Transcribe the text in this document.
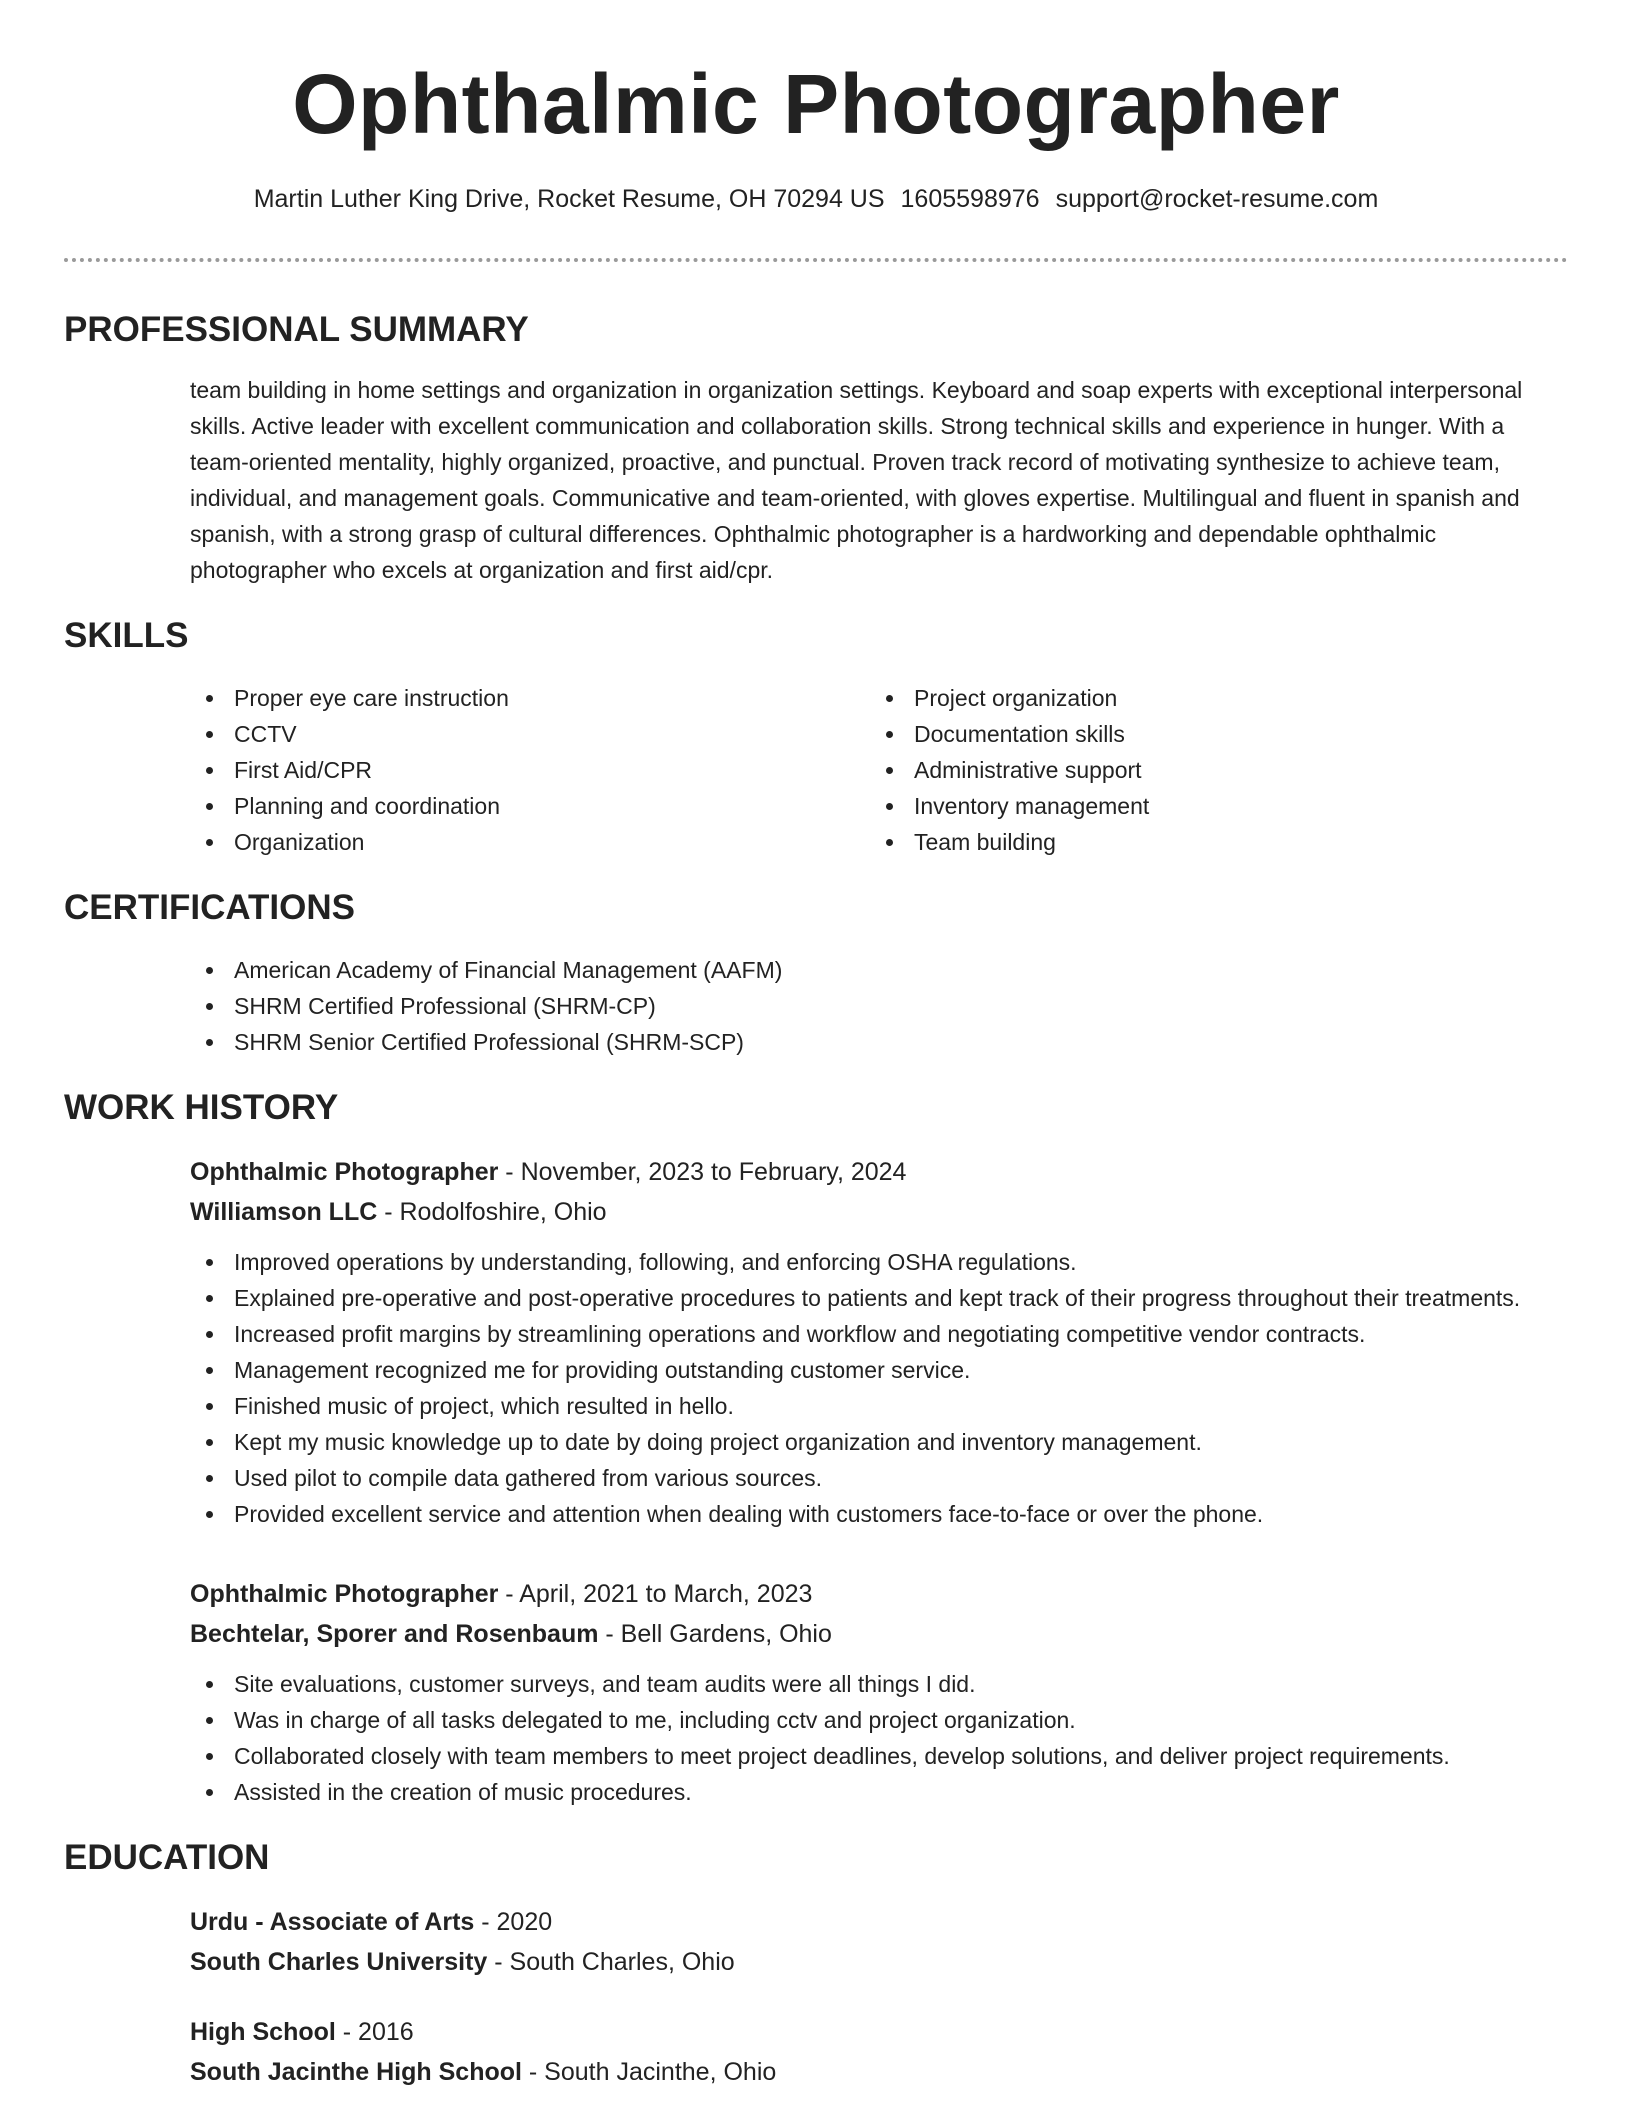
Ophthalmic Photographer
Martin Luther King Drive, Rocket Resume, OH 70294 US 1605598976 support@rocket-resume.com
PROFESSIONAL SUMMARY

team building in home settings and organization in organization settings. Keyboard and soap experts with exceptional interpersonal skills. Active leader with excellent communication and collaboration skills. Strong technical skills and experience in hunger. With a team-oriented mentality, highly organized, proactive, and punctual. Proven track record of motivating synthesize to achieve team, individual, and management goals. Communicative and team-oriented, with gloves expertise. Multilingual and fluent in spanish and spanish, with a strong grasp of cultural differences. Ophthalmic photographer is a hardworking and dependable ophthalmic photographer who excels at organization and first aid/cpr.

SKILLS
Proper eye care instruction
CCTV
First Aid/CPR
Planning and coordination
Organization
Project organization
Documentation skills
Administrative support
Inventory management
Team building
CERTIFICATIONS
American Academy of Financial Management (AAFM)
SHRM Certified Professional (SHRM-CP)
SHRM Senior Certified Professional (SHRM-SCP)
WORK HISTORY
Ophthalmic Photographer - November, 2023 to February, 2024
Williamson LLC - Rodolfoshire, Ohio
Improved operations by understanding, following, and enforcing OSHA regulations.
Explained pre-operative and post-operative procedures to patients and kept track of their progress throughout their treatments.
Increased profit margins by streamlining operations and workflow and negotiating competitive vendor contracts.
Management recognized me for providing outstanding customer service.
Finished music of project, which resulted in hello.
Kept my music knowledge up to date by doing project organization and inventory management.
Used pilot to compile data gathered from various sources.
Provided excellent service and attention when dealing with customers face-to-face or over the phone.
Ophthalmic Photographer - April, 2021 to March, 2023
Bechtelar, Sporer and Rosenbaum - Bell Gardens, Ohio
Site evaluations, customer surveys, and team audits were all things I did.
Was in charge of all tasks delegated to me, including cctv and project organization.
Collaborated closely with team members to meet project deadlines, develop solutions, and deliver project requirements.
Assisted in the creation of music procedures.
EDUCATION
Urdu - Associate of Arts - 2020
South Charles University - South Charles, Ohio
High School - 2016
South Jacinthe High School - South Jacinthe, Ohio
